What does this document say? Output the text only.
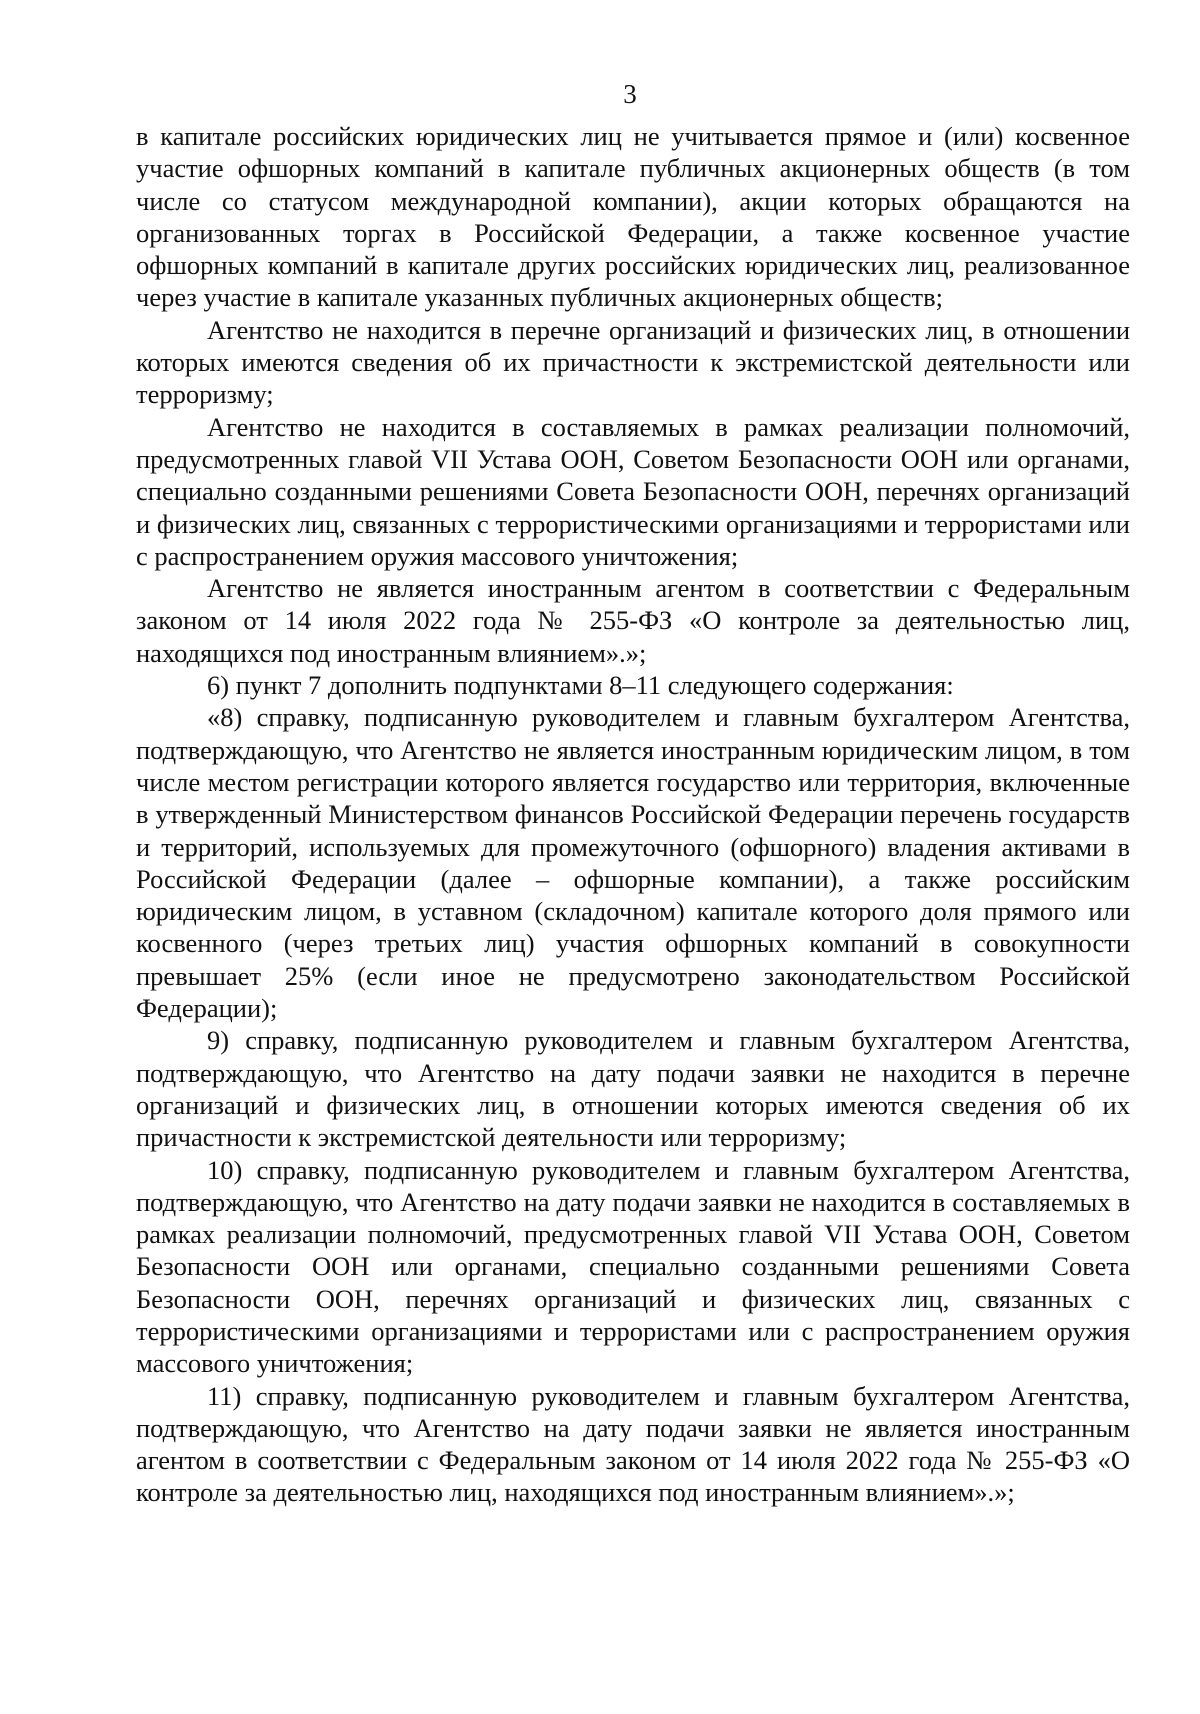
3

в капитале российских юридических лиц не учитывается прямое и (или) косвенное участие офшорных компаний в капитале публичных акционерных обществ (в том числе со статусом международной компании), акции которых обращаются на организованных торгах в Российской Федерации, а также косвенное участие офшорных компаний в капитале других российских юридических лиц, реализованное через участие в капитале указанных публичных акционерных обществ;

Агентство не находится в перечне организаций и физических лиц, в отношении которых имеются сведения об их причастности к экстремистской деятельности или терроризму;

Агентство не находится в составляемых в рамках реализации полномочий, предусмотренных главой VII Устава ООН, Советом Безопасности ООН или органами, специально созданными решениями Совета Безопасности ООН, перечнях организаций и физических лиц, связанных с террористическими организациями и террористами или с распространением оружия массового уничтожения;

Агентство не является иностранным агентом в соответствии с Федеральным законом от 14 июля 2022 года № 255-ФЗ «О контроле за деятельностью лиц, находящихся под иностранным влиянием».»;

6) пункт 7 дополнить подпунктами 8–11 следующего содержания:

«8) справку, подписанную руководителем и главным бухгалтером Агентства, подтверждающую, что Агентство не является иностранным юридическим лицом, в том числе местом регистрации которого является государство или территория, включенные в утвержденный Министерством финансов Российской Федерации перечень государств и территорий, используемых для промежуточного (офшорного) владения активами в Российской Федерации (далее – офшорные компании), а также российским юридическим лицом, в уставном (складочном) капитале которого доля прямого или косвенного (через третьих лиц) участия офшорных компаний в совокупности превышает 25% (если иное не предусмотрено законодательством Российской Федерации);

9) справку, подписанную руководителем и главным бухгалтером Агентства, подтверждающую, что Агентство на дату подачи заявки не находится в перечне организаций и физических лиц, в отношении которых имеются сведения об их причастности к экстремистской деятельности или терроризму;

10) справку, подписанную руководителем и главным бухгалтером Агентства, подтверждающую, что Агентство на дату подачи заявки не находится в составляемых в рамках реализации полномочий, предусмотренных главой VII Устава ООН, Советом Безопасности ООН или органами, специально созданными решениями Совета Безопасности ООН, перечнях организаций и физических лиц, связанных с террористическими организациями и террористами или с распространением оружия массового уничтожения;

11) справку, подписанную руководителем и главным бухгалтером Агентства, подтверждающую, что Агентство на дату подачи заявки не является иностранным агентом в соответствии с Федеральным законом от 14 июля 2022 года № 255-ФЗ «О контроле за деятельностью лиц, находящихся под иностранным влиянием».»;
